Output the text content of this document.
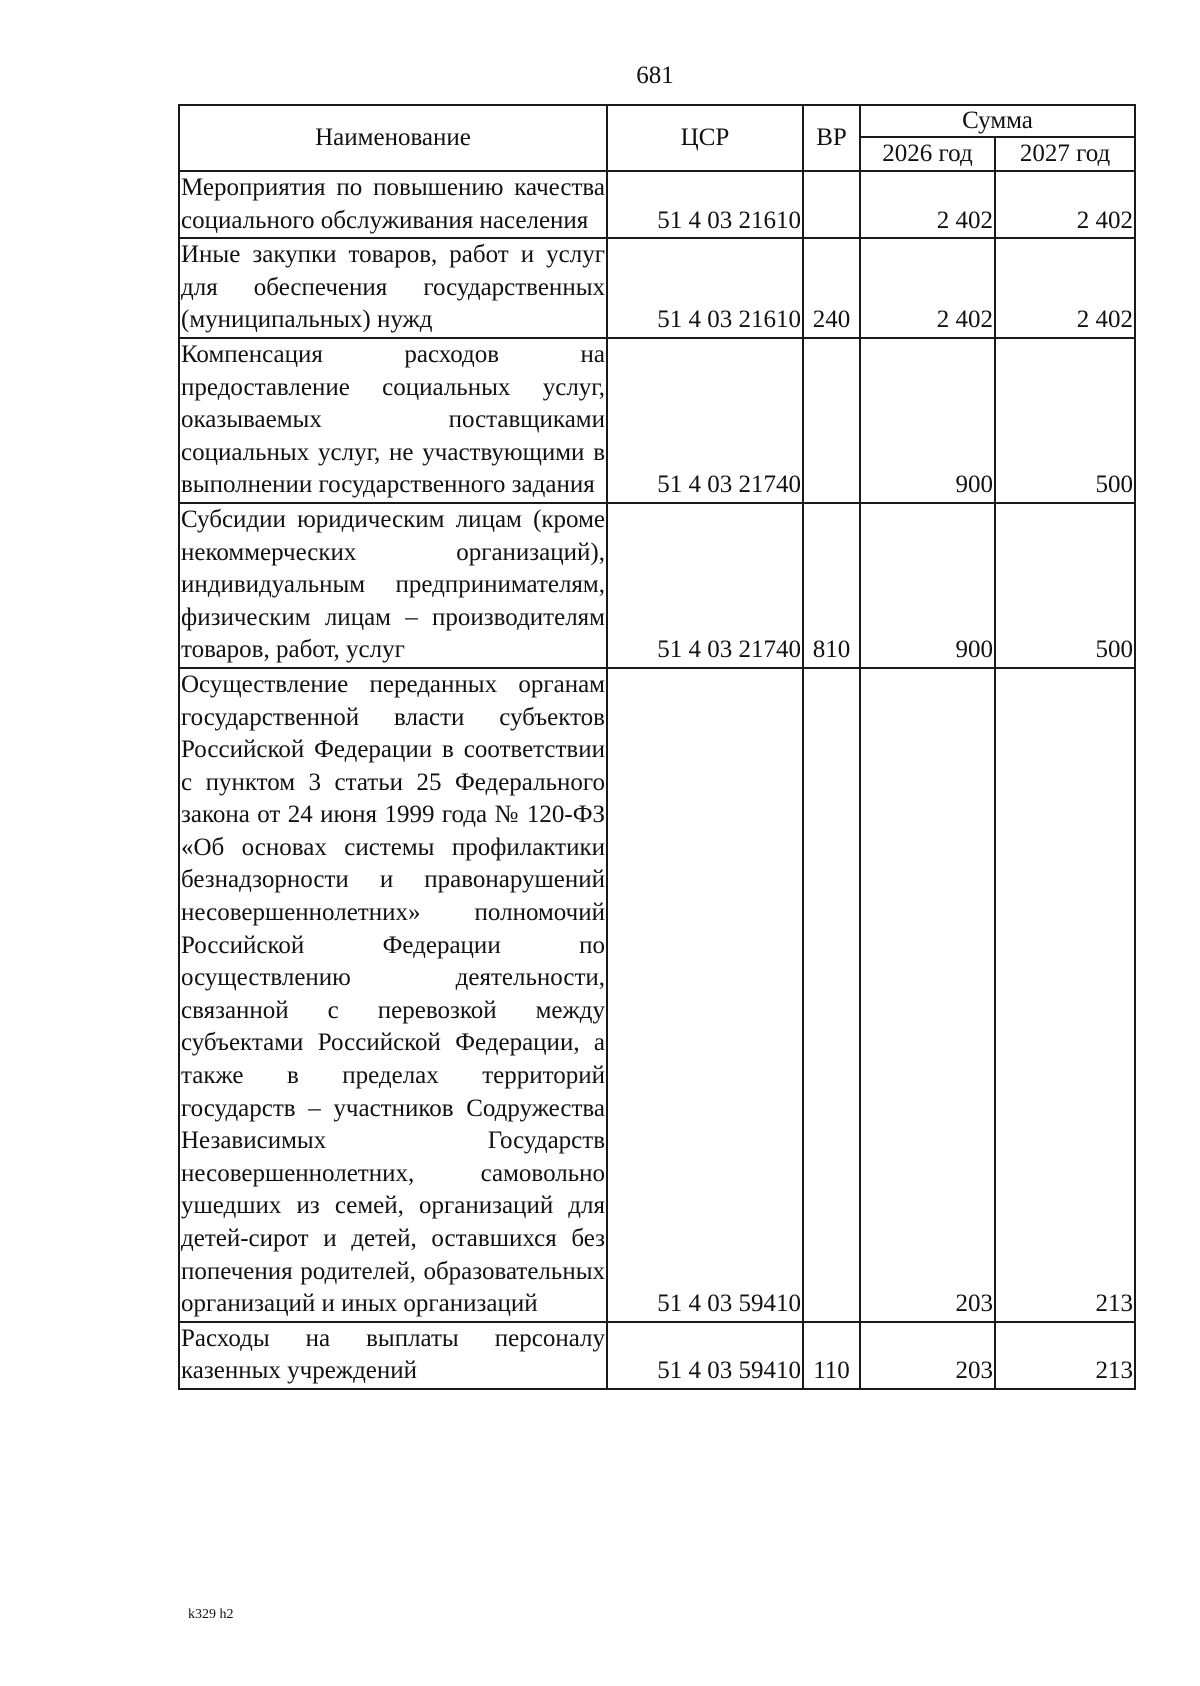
681
Наименование	ЦСР	ВР	Сумма	
			2026 год	2027 год
Мероприятия по повышению качества социального обслуживания населения	51 4 03 21610		2 402	2 402
Иные закупки товаров, работ и услуг для обеспечения государственных (муниципальных) нужд	51 4 03 21610	240	2 402	2 402
Компенсация расходов на предоставление социальных услуг, оказываемых поставщиками социальных услуг, не участвующими в выполнении государственного задания	51 4 03 21740		900	500
Субсидии юридическим лицам (кроме некоммерческих организаций), индивидуальным предпринимателям, физическим лицам – производителям товаров, работ, услуг	51 4 03 21740	810	900	500
Осуществление переданных органам государственной власти субъектов Российской Федерации в соответствии с пунктом 3 статьи 25 Федерального закона от 24 июня 1999 года № 120-ФЗ «Об основах системы профилактики безнадзорности и правонарушений несовершеннолетних» полномочий Российской Федерации по осуществлению деятельности, связанной с перевозкой между субъектами Российской Федерации, а также в пределах территорий государств – участников Содружества Независимых Государств несовершеннолетних, самовольно ушедших из семей, организаций для детей-сирот и детей, оставшихся без попечения родителей, образовательных организаций и иных организаций	51 4 03 59410		203	213
Расходы на выплаты персоналу казенных учреждений	51 4 03 59410	110	203	213
k329 h2
